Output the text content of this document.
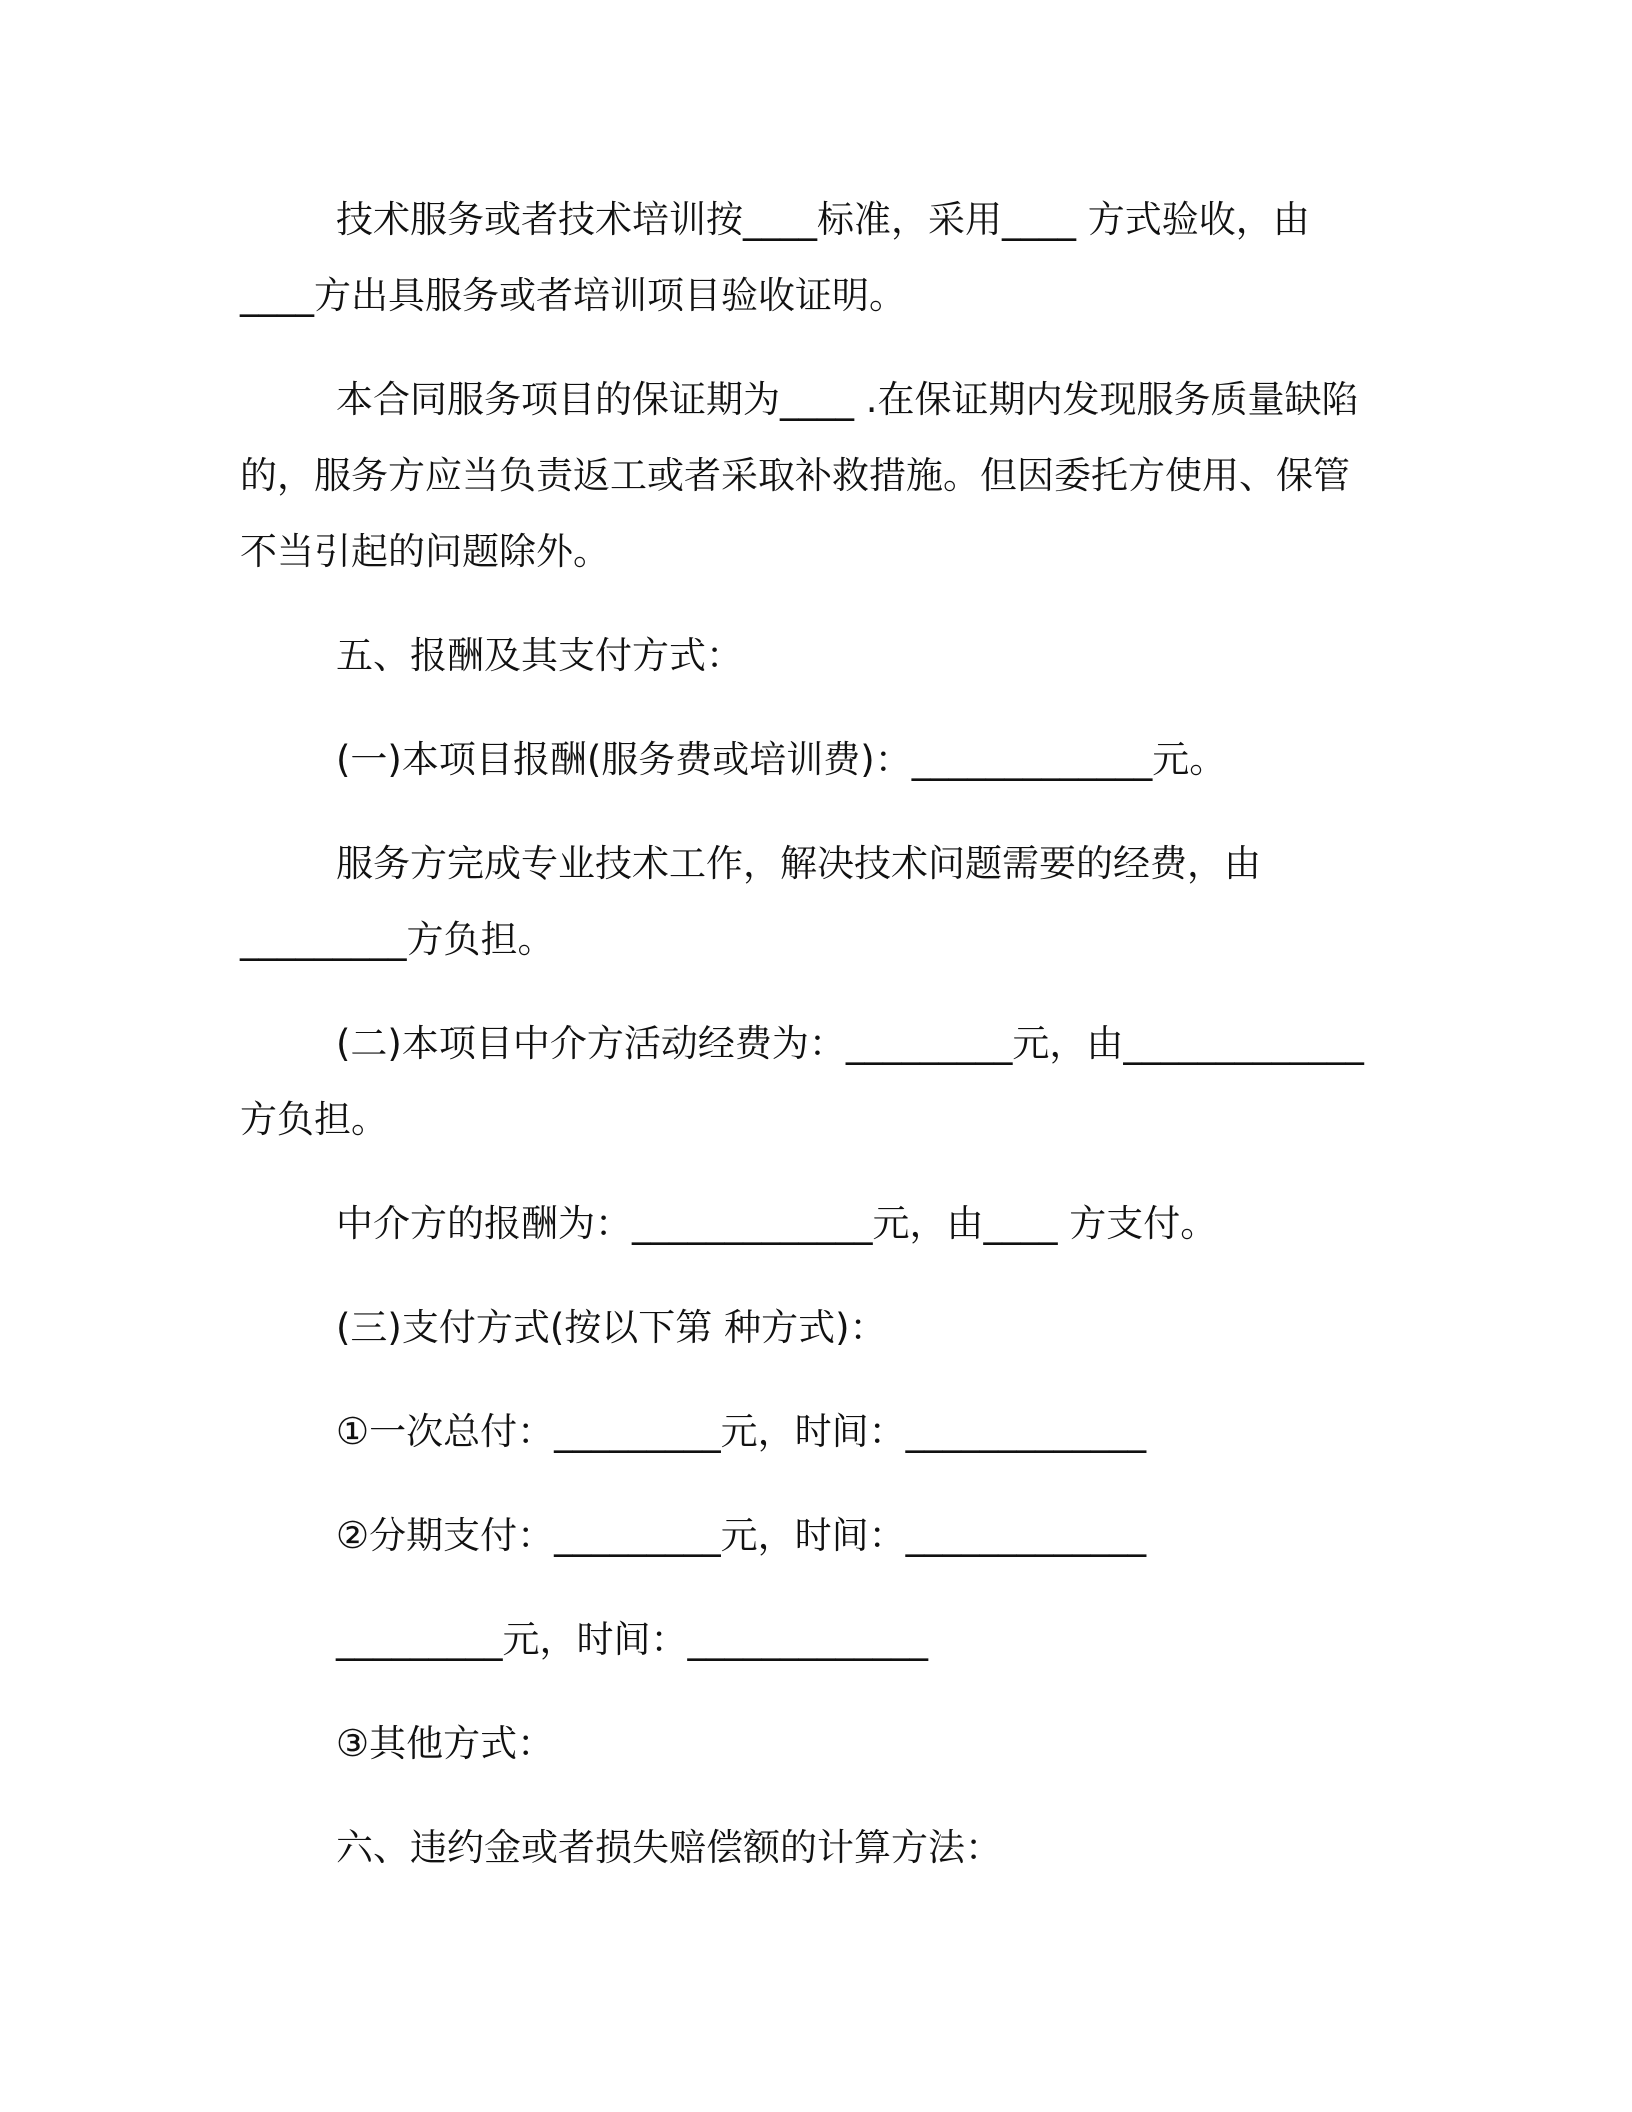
技术服务或者技术培训按____标准，采用____ 方式验收，由

____方出具服务或者培训项目验收证明。

本合同服务项目的保证期为____ .在保证期内发现服务质量缺陷

的，服务方应当负责返工或者采取补救措施。但因委托方使用、保管

不当引起的问题除外。

五、报酬及其支付方式：

(一)本项目报酬(服务费或培训费)：_____________元。

服务方完成专业技术工作，解决技术问题需要的经费，由

_________方负担。

(二)本项目中介方活动经费为：_________元，由_____________

方负担。

中介方的报酬为：_____________元，由____ 方支付。

(三)支付方式(按以下第 种方式)：

①一次总付：_________元，时间：_____________

②分期支付：_________元，时间：_____________

_________元，时间：_____________

③其他方式：

六、违约金或者损失赔偿额的计算方法：
